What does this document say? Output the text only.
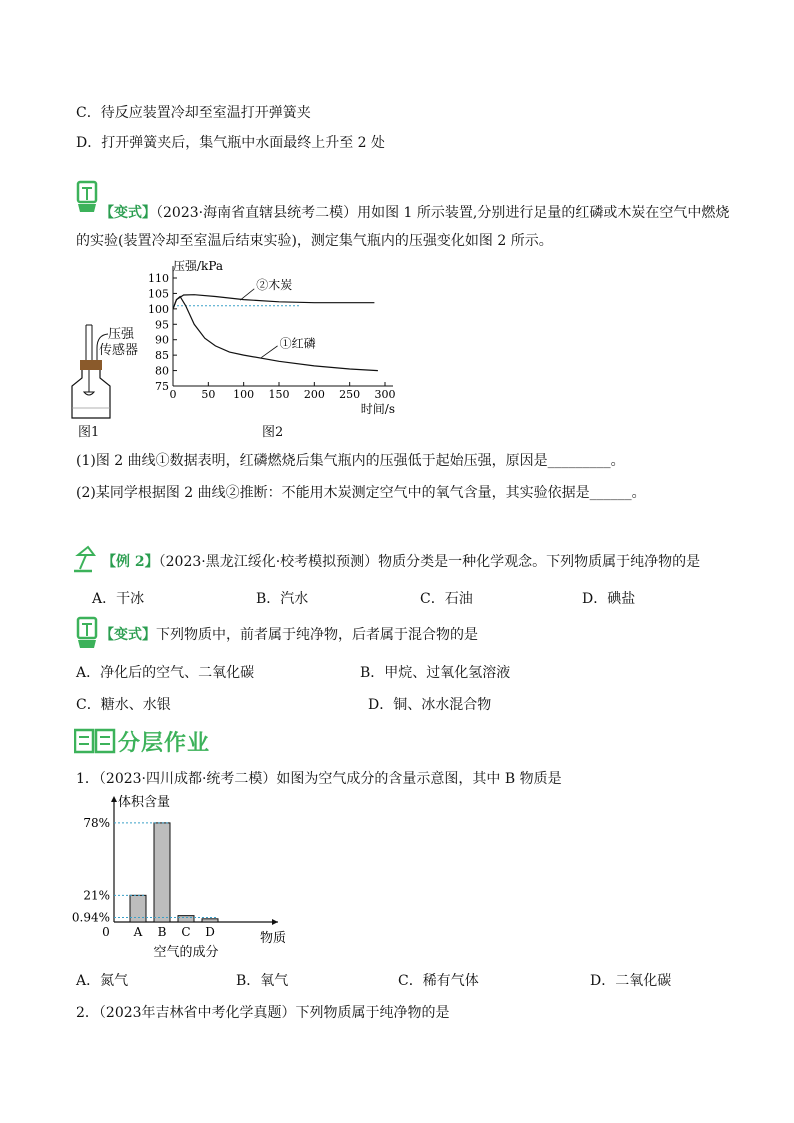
C．待反应装置冷却至室温打开弹簧夹
D．打开弹簧夹后，集气瓶中水面最终上升至 2 处
【变式】（2023·海南省直辖县统考二模）用如图 1 所示装置,分别进行足量的红磷或木炭在空气中燃烧
的实验(装置冷却至室温后结束实验)，测定集气瓶内的压强变化如图 2 所示。
压强
传感器
图1
110
105
100
95
90
85
80
75
0 50 100 150 200 250 300
压强/kPa
时间/s
②木炭
①红磷
图2
(1)图 2 曲线①数据表明，红磷燃烧后集气瓶内的压强低于起始压强，原因是_________。
(2)某同学根据图 2 曲线②推断：不能用木炭测定空气中的氧气含量，其实验依据是______。
【例 2】（2023·黑龙江绥化·校考模拟预测）物质分类是一种化学观念。下列物质属于纯净物的是
A．干冰	B．汽水	C．石油	D．碘盐
【变式】下列物质中，前者属于纯净物，后者属于混合物的是
A．净化后的空气、二氧化碳	B．甲烷、过氧化氢溶液
C．糖水、水银	D．铜、冰水混合物
分层作业
1．（2023·四川成都·统考二模）如图为空气成分的含量示意图，其中 B 物质是
体积含量
物质
0 A B C D
78%
21%
0.94%
空气的成分
A．氮气	B．氧气	C．稀有气体	D．二氧化碳
2．（2023年吉林省中考化学真题）下列物质属于纯净物的是
